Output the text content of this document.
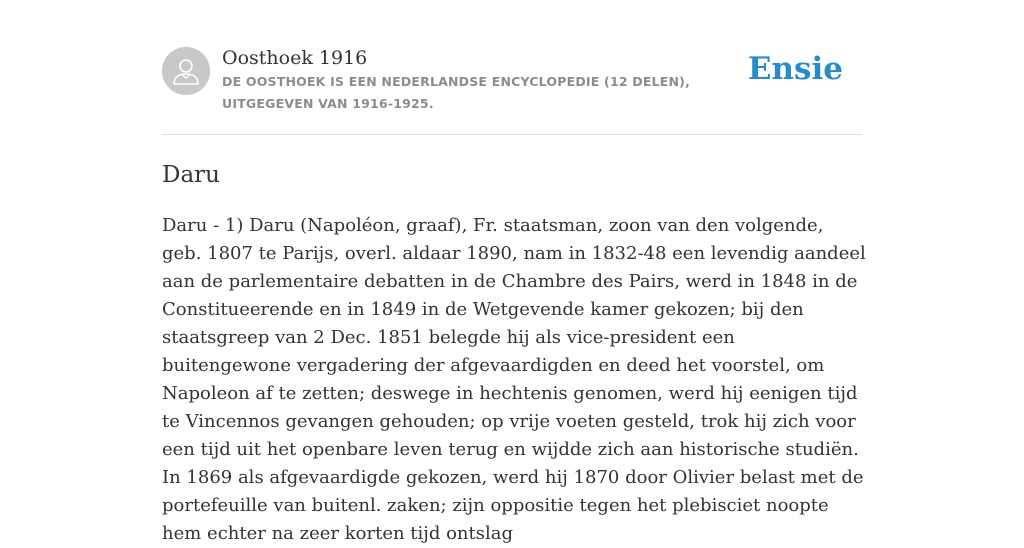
Oosthoek 1916
DE OOSTHOEK IS EEN NEDERLANDSE ENCYCLOPEDIE (12 DELEN), UITGEGEVEN VAN 1916-1925.
Ensie
Daru

Daru - 1) Daru (Napoléon, graaf), Fr. staatsman, zoon van den volgende, geb. 1807 te Parijs, overl. aldaar 1890, nam in 1832-48 een levendig aandeel aan de parlementaire debatten in de Chambre des Pairs, werd in 1848 in de Constitueerende en in 1849 in de Wetgevende kamer gekozen; bij den staatsgreep van 2 Dec. 1851 belegde hij als vice-president een buitengewone vergadering der afgevaardigden en deed het voorstel, om Napoleon af te zetten; deswege in hechtenis genomen, werd hij eenigen tijd te Vincennos gevangen gehouden; op vrije voeten gesteld, trok hij zich voor een tijd uit het openbare leven terug en wijdde zich aan historische studiën. In 1869 als afgevaardigde gekozen, werd hij 1870 door Olivier belast met de portefeuille van buitenl. zaken; zijn oppositie tegen het plebisciet noopte hem echter na zeer korten tijd ontslag
